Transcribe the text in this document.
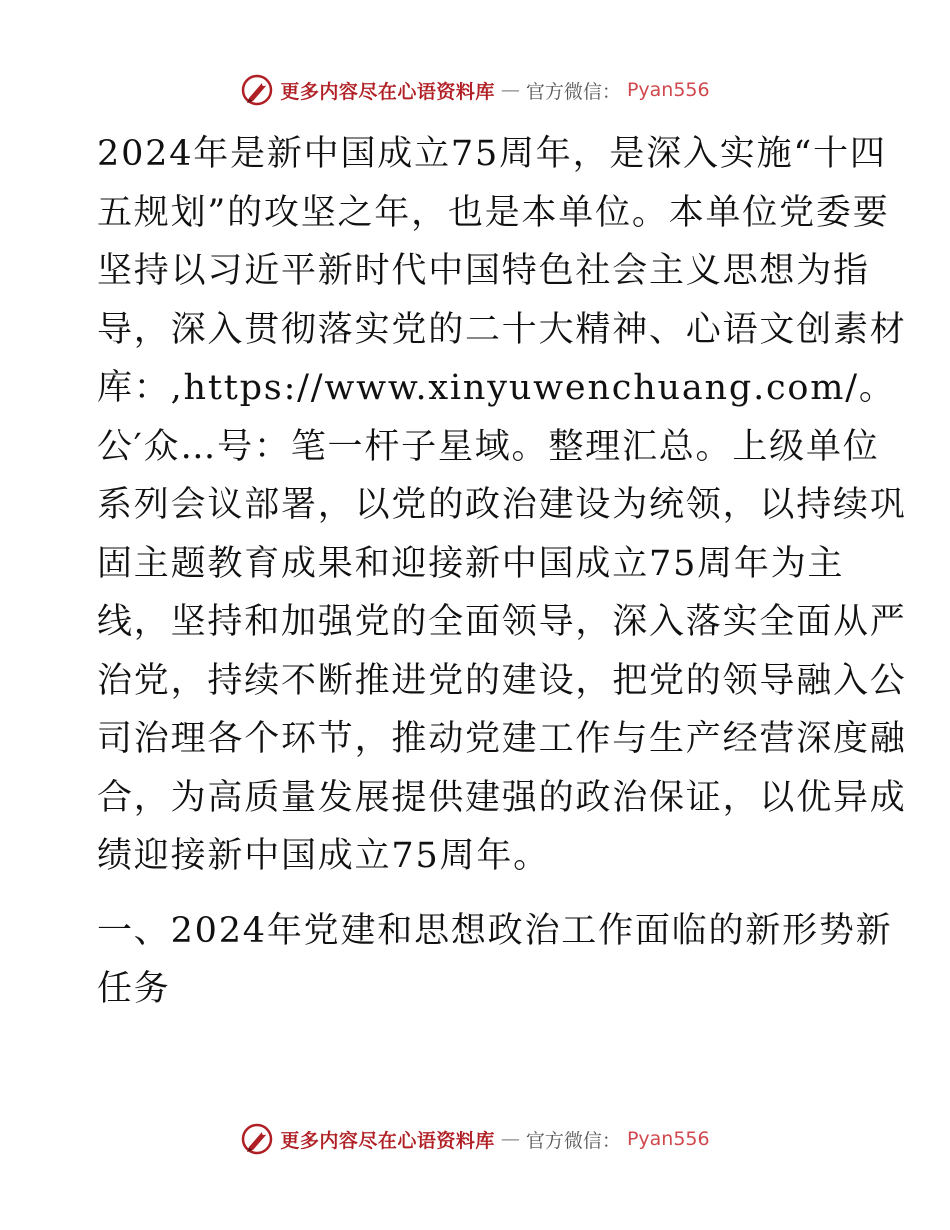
更多内容尽在心语资料库 — 官方微信： Pyan556

2024年是新中国成立75周年，是深入实施“十四
五规划”的攻坚之年，也是本单位。本单位党委要
坚持以习近平新时代中国特色社会主义思想为指
导，深入贯彻落实党的二十大精神、心语文创素材
库：,https://www.xinyuwenchuang.com/。
公′众…号：笔一杆子星域。整理汇总。上级单位
系列会议部署，以党的政治建设为统领，以持续巩
固主题教育成果和迎接新中国成立75周年为主
线，坚持和加强党的全面领导，深入落实全面从严
治党，持续不断推进党的建设，把党的领导融入公
司治理各个环节，推动党建工作与生产经营深度融
合，为高质量发展提供建强的政治保证，以优异成
绩迎接新中国成立75周年。

一、2024年党建和思想政治工作面临的新形势新
任务

更多内容尽在心语资料库 — 官方微信： Pyan556
